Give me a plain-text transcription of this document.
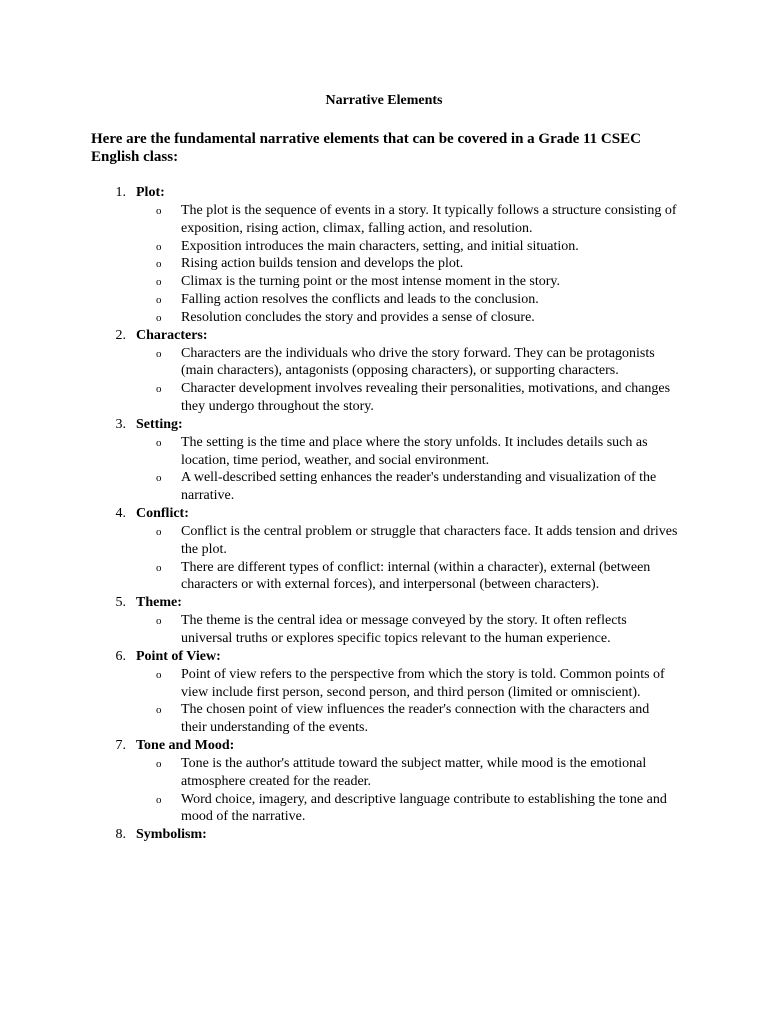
Narrative Elements
Here are the fundamental narrative elements that can be covered in a Grade 11 CSEC English class:
1. Plot:
o The plot is the sequence of events in a story. It typically follows a structure consisting of exposition, rising action, climax, falling action, and resolution.
o Exposition introduces the main characters, setting, and initial situation.
o Rising action builds tension and develops the plot.
o Climax is the turning point or the most intense moment in the story.
o Falling action resolves the conflicts and leads to the conclusion.
o Resolution concludes the story and provides a sense of closure.
2. Characters:
o Characters are the individuals who drive the story forward. They can be protagonists (main characters), antagonists (opposing characters), or supporting characters.
o Character development involves revealing their personalities, motivations, and changes they undergo throughout the story.
3. Setting:
o The setting is the time and place where the story unfolds. It includes details such as location, time period, weather, and social environment.
o A well-described setting enhances the reader's understanding and visualization of the narrative.
4. Conflict:
o Conflict is the central problem or struggle that characters face. It adds tension and drives the plot.
o There are different types of conflict: internal (within a character), external (between characters or with external forces), and interpersonal (between characters).
5. Theme:
o The theme is the central idea or message conveyed by the story. It often reflects universal truths or explores specific topics relevant to the human experience.
6. Point of View:
o Point of view refers to the perspective from which the story is told. Common points of view include first person, second person, and third person (limited or omniscient).
o The chosen point of view influences the reader's connection with the characters and their understanding of the events.
7. Tone and Mood:
o Tone is the author's attitude toward the subject matter, while mood is the emotional atmosphere created for the reader.
o Word choice, imagery, and descriptive language contribute to establishing the tone and mood of the narrative.
8. Symbolism:
